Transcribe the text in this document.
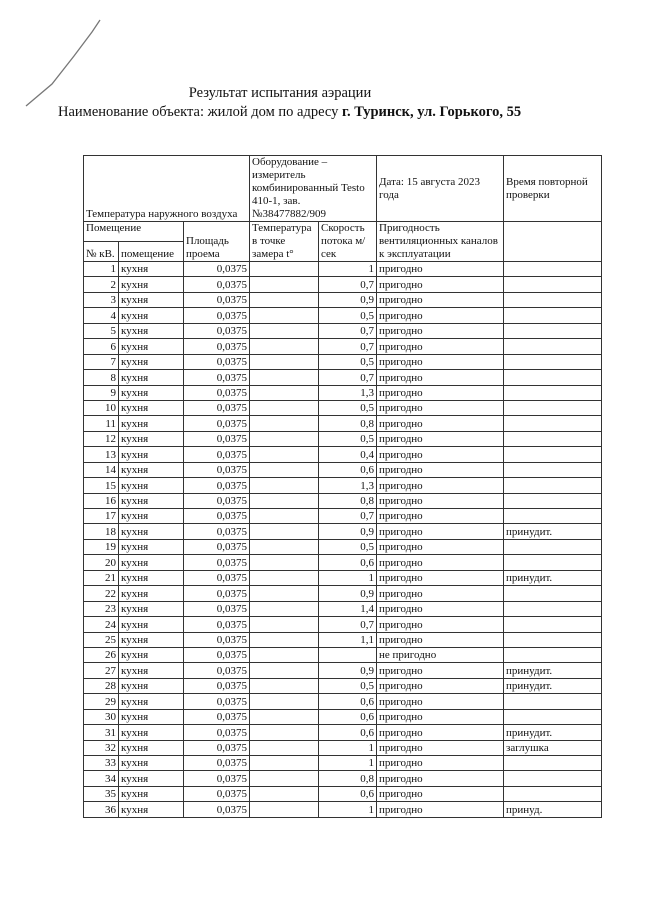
Результат испытания аэрации
Наименование объекта: жилой дом по адресу г. Туринск, ул. Горького, 55
Температура наружного воздуха			Оборудование – измеритель комбинированный Testo 410-1, зав. №38477882/909		Дата: 15 августа 2023 года	Время повторной проверки
Помещение		Площадь проема	Температура в точке замера t°	Скорость потока м/сек	Пригодность вентиляционных каналов к эксплуатации	
№ кВ.	помещение					
1	кухня	0,0375		1	пригодно	
2	кухня	0,0375		0,7	пригодно	
3	кухня	0,0375		0,9	пригодно	
4	кухня	0,0375		0,5	пригодно	
5	кухня	0,0375		0,7	пригодно	
6	кухня	0,0375		0,7	пригодно	
7	кухня	0,0375		0,5	пригодно	
8	кухня	0,0375		0,7	пригодно	
9	кухня	0,0375		1,3	пригодно	
10	кухня	0,0375		0,5	пригодно	
11	кухня	0,0375		0,8	пригодно	
12	кухня	0,0375		0,5	пригодно	
13	кухня	0,0375		0,4	пригодно	
14	кухня	0,0375		0,6	пригодно	
15	кухня	0,0375		1,3	пригодно	
16	кухня	0,0375		0,8	пригодно	
17	кухня	0,0375		0,7	пригодно	
18	кухня	0,0375		0,9	пригодно	принудит.
19	кухня	0,0375		0,5	пригодно	
20	кухня	0,0375		0,6	пригодно	
21	кухня	0,0375		1	пригодно	принудит.
22	кухня	0,0375		0,9	пригодно	
23	кухня	0,0375		1,4	пригодно	
24	кухня	0,0375		0,7	пригодно	
25	кухня	0,0375		1,1	пригодно	
26	кухня	0,0375			не пригодно	
27	кухня	0,0375		0,9	пригодно	принудит.
28	кухня	0,0375		0,5	пригодно	принудит.
29	кухня	0,0375		0,6	пригодно	
30	кухня	0,0375		0,6	пригодно	
31	кухня	0,0375		0,6	пригодно	принудит.
32	кухня	0,0375		1	пригодно	заглушка
33	кухня	0,0375		1	пригодно	
34	кухня	0,0375		0,8	пригодно	
35	кухня	0,0375		0,6	пригодно	
36	кухня	0,0375		1	пригодно	принуд.
